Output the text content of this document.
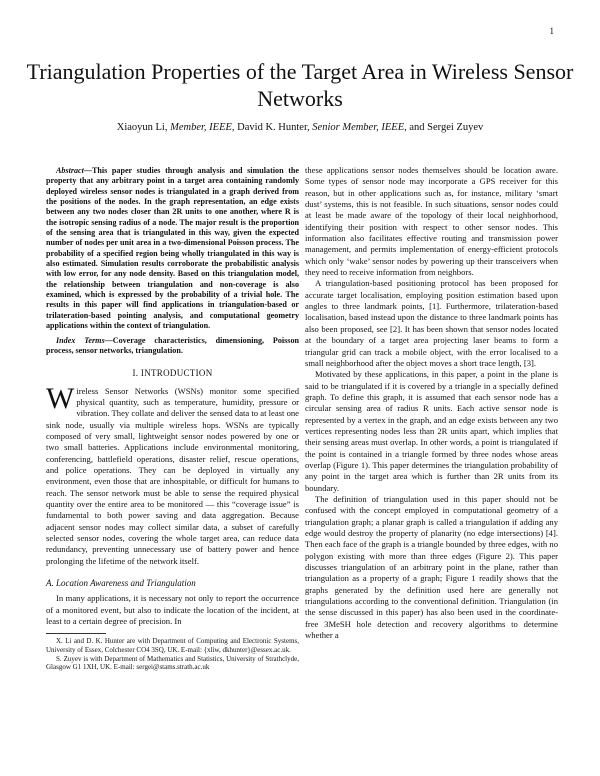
1
Triangulation Properties of the Target Area in Wireless Sensor Networks
Xiaoyun Li, Member, IEEE, David K. Hunter, Senior Member, IEEE, and Sergei Zuyev

Abstract—This paper studies through analysis and simulation the property that any arbitrary point in a target area containing randomly deployed wireless sensor nodes is triangulated in a graph derived from the positions of the nodes. In the graph representation, an edge exists between any two nodes closer than 2R units to one another, where R is the isotropic sensing radius of a node. The major result is the proportion of the sensing area that is triangulated in this way, given the expected number of nodes per unit area in a two-dimensional Poisson process. The probability of a specified region being wholly triangulated in this way is also estimated. Simulation results corroborate the probabilistic analysis with low error, for any node density. Based on this triangulation model, the relationship between triangulation and non-coverage is also examined, which is expressed by the probability of a trivial hole. The results in this paper will find applications in triangulation-based or trilateration-based pointing analysis, and computational geometry applications within the context of triangulation.

Index Terms—Coverage characteristics, dimensioning, Poisson process, sensor networks, triangulation.

I. INTRODUCTION

Wireless Sensor Networks (WSNs) monitor some specified physical quantity, such as temperature, humidity, pressure or vibration. They collate and deliver the sensed data to at least one sink node, usually via multiple wireless hops. WSNs are typically composed of very small, lightweight sensor nodes powered by one or two small batteries. Applications include environmental monitoring, conferencing, battlefield operations, disaster relief, rescue operations, and police operations. They can be deployed in virtually any environment, even those that are inhospitable, or difficult for humans to reach. The sensor network must be able to sense the required physical quantity over the entire area to be monitored — this “coverage issue” is fundamental to both power saving and data aggregation. Because adjacent sensor nodes may collect similar data, a subset of carefully selected sensor nodes, covering the whole target area, can reduce data redundancy, preventing unnecessary use of battery power and hence prolonging the lifetime of the network itself.

A. Location Awareness and Triangulation

In many applications, it is necessary not only to report the occurrence of a monitored event, but also to indicate the location of the incident, at least to a certain degree of precision. In

X. Li and D. K. Hunter are with Department of Computing and Electronic Systems, University of Essex, Colchester CO4 3SQ, UK. E-mail: {xliw, dkhunter}@essex.ac.uk.

S. Zuyev is with Department of Mathematics and Statistics, University of Strathclyde, Glasgow G1 1XH, UK. E-mail: sergei@stams.strath.ac.uk

these applications sensor nodes themselves should be location aware. Some types of sensor node may incorporate a GPS receiver for this reason, but in other applications such as, for instance, military ‘smart dust’ systems, this is not feasible. In such situations, sensor nodes could at least be made aware of the topology of their local neighborhood, identifying their position with respect to other sensor nodes. This information also facilitates effective routing and transmission power management, and permits implementation of energy-efficient protocols which only ‘wake’ sensor nodes by powering up their transceivers when they need to receive information from neighbors.

A triangulation-based positioning protocol has been proposed for accurate target localisation, employing position estimation based upon angles to three landmark points, [1]. Furthermore, trilateration-based localisation, based instead upon the distance to three landmark points has also been proposed, see [2]. It has been shown that sensor nodes located at the boundary of a target area projecting laser beams to form a triangular grid can track a mobile object, with the error localised to a small neighborhood after the object moves a short trace length, [3].

Motivated by these applications, in this paper, a point in the plane is said to be triangulated if it is covered by a triangle in a specially defined graph. To define this graph, it is assumed that each sensor node has a circular sensing area of radius R units. Each active sensor node is represented by a vertex in the graph, and an edge exists between any two vertices representing nodes less than 2R units apart, which implies that their sensing areas must overlap. In other words, a point is triangulated if the point is contained in a triangle formed by three nodes whose areas overlap (Figure 1). This paper determines the triangulation probability of any point in the target area which is further than 2R units from its boundary.

The definition of triangulation used in this paper should not be confused with the concept employed in computational geometry of a triangulation graph; a planar graph is called a triangulation if adding any edge would destroy the property of planarity (no edge intersections) [4]. Then each face of the graph is a triangle bounded by three edges, with no polygon existing with more than three edges (Figure 2). This paper discusses triangulation of an arbitrary point in the plane, rather than triangulation as a property of a graph; Figure 1 readily shows that the graphs generated by the definition used here are generally not triangulations according to the conventional definition. Triangulation (in the sense discussed in this paper) has also been used in the coordinate-free 3MeSH hole detection and recovery algorithms to determine whether a
